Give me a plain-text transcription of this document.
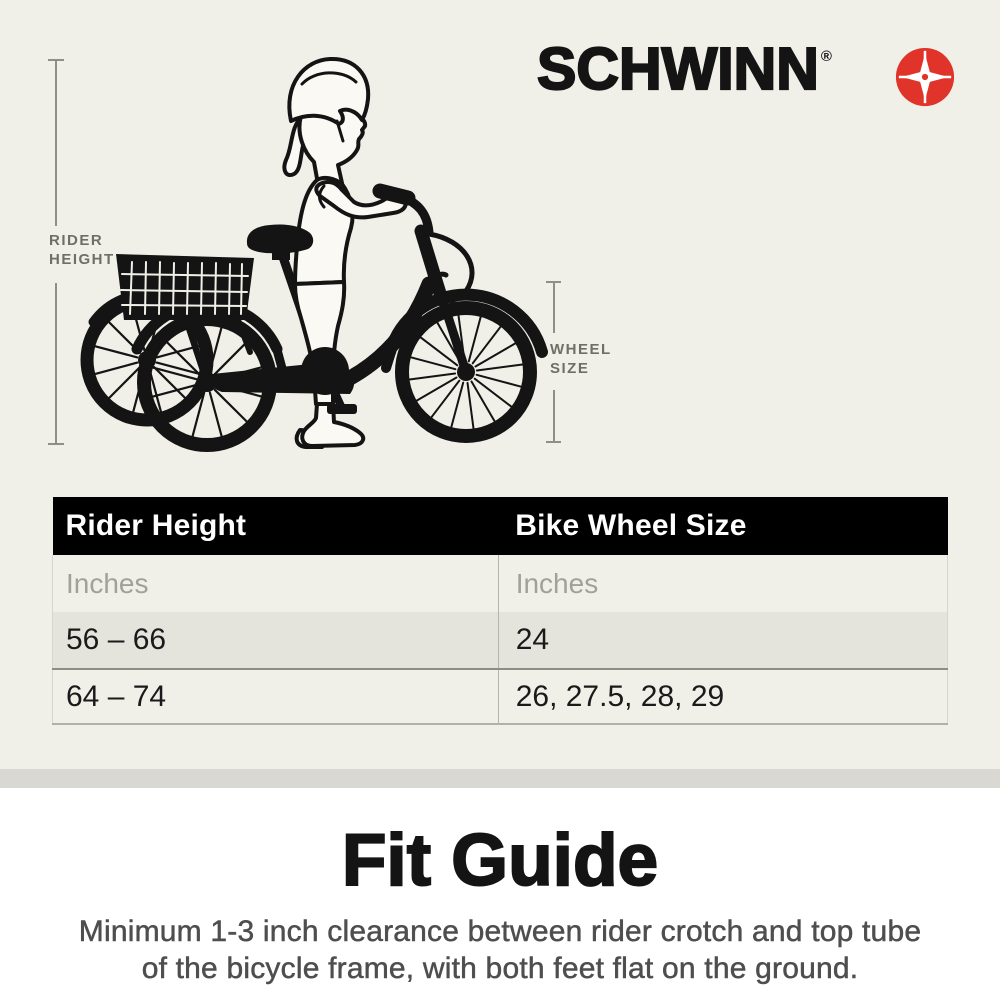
SCHWINN ®
RIDER
HEIGHT
WHEEL
SIZE
Rider Height	Bike Wheel Size
Inches	Inches
56 – 66	24
64 – 74	26, 27.5, 28, 29
Fit Guide

Minimum 1-3 inch clearance between rider crotch and top tube
of the bicycle frame, with both feet flat on the ground.
